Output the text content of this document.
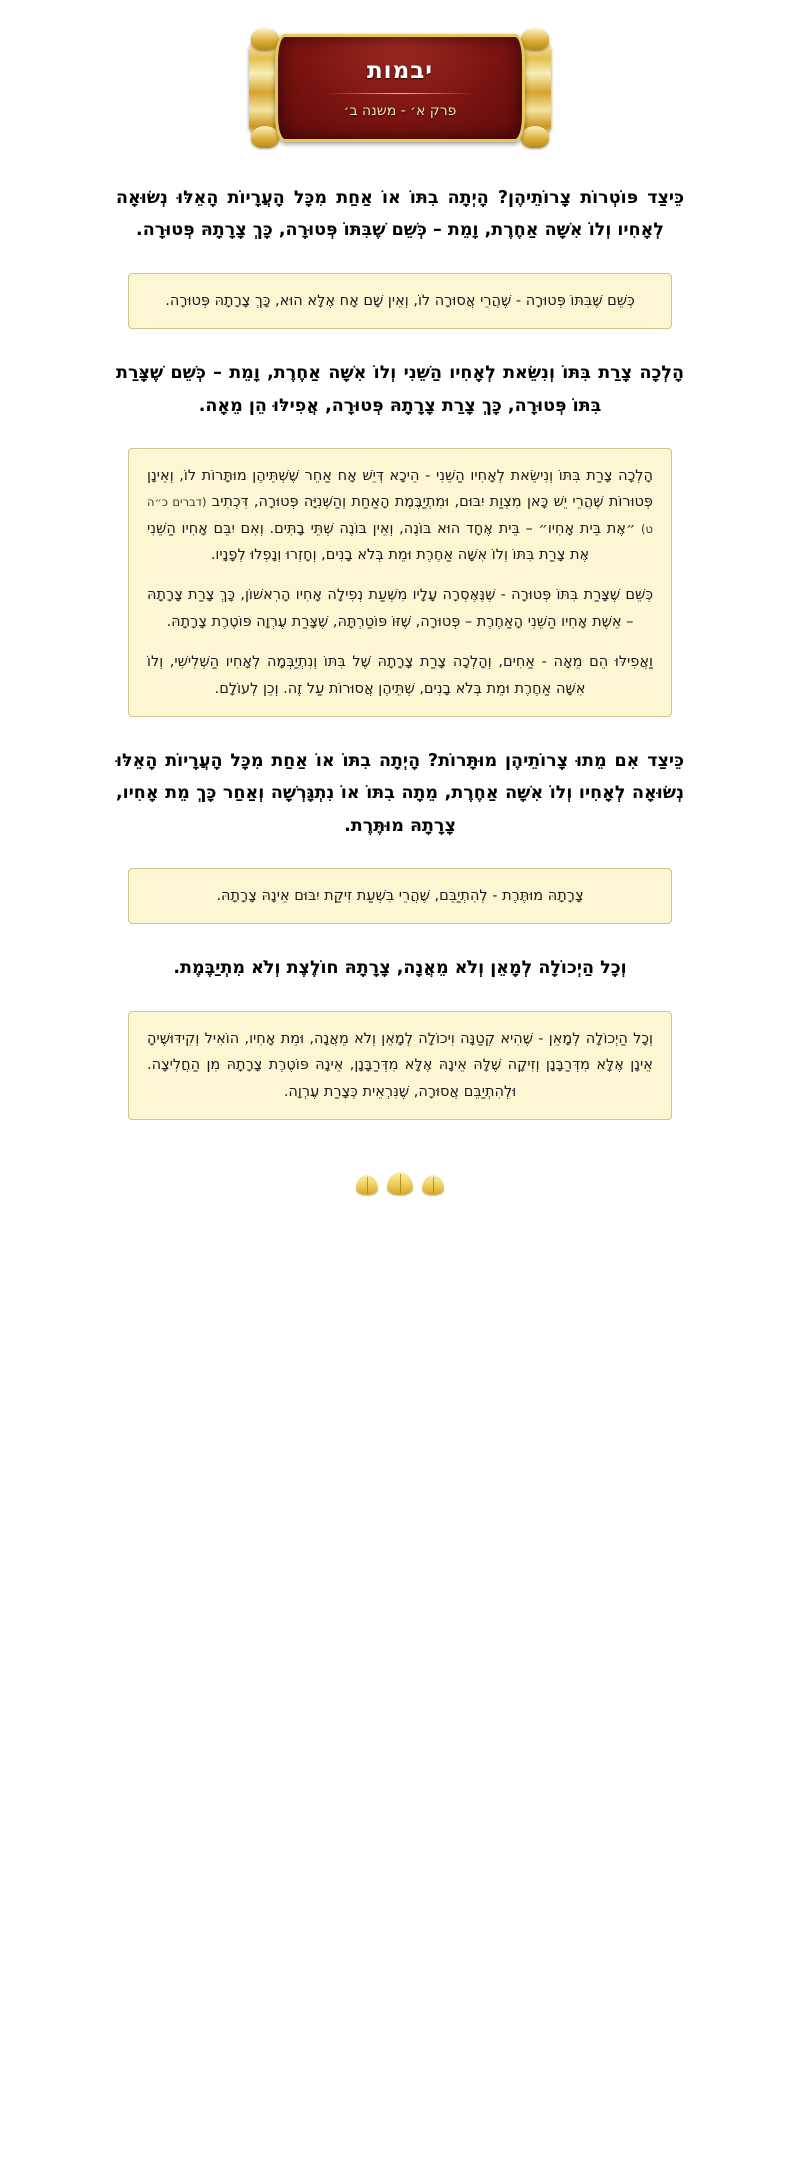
יבמות
פרק א׳ - משנה ב׳
כֵּיצַד פּוֹטְרוֹת צָרוֹתֵיהֶן? הָיְתָה בִתּוֹ אוֹ אַחַת מִכָּל הָעֲרָיוֹת הָאֵלּוּ נְשׂוּאָה לְאָחִיו וְלוֹ אִשָּׁה אַחֶרֶת, וָמֵת – כְּשֵׁם שֶׁבִּתּוֹ פְּטוּרָה, כָּךְ צָרָתָהּ פְּטוּרָה.

כְּשֵׁם שֶׁבִּתּוֹ פְּטוּרָה - שֶׁהֲרֵי אֲסוּרָה לוֹ, וְאֵין שָׁם אָח אֶלָּא הוּא, כָּךְ צָרָתָהּ פְּטוּרָה.

הָלְכָה צָרַת בִּתּוֹ וְנִשֵּׂאת לְאָחִיו הַשֵּׁנִי וְלוֹ אִשָּׁה אַחֶרֶת, וָמֵת – כְּשֵׁם שֶׁצָּרַת בִּתּוֹ פְּטוּרָה, כָּךְ צָרַת צָרָתָהּ פְּטוּרָה, אֲפִילּוּ הֵן מֵאָה.

הָלְכָה צָרַת בִּתּוֹ וְנִישֵּׂאת לְאָחִיו הַשֵּׁנִי - הֵיכָא דְּיֵשׁ אָח אַחֵר שֶׁשְּׁתֵּיהֶן מוּתָּרוֹת לוֹ, וְאֵינָן פְּטוּרוֹת שֶׁהֲרֵי יֵשׁ כָּאן מִצְוַת יִבּוּם, וּמִתְיַבֶּמֶת הָאַחַת וְהַשְּׁנִיָּה פְּטוּרָה, דִּכְתִיב (דברים כ״ה ט) ״אֶת בֵּית אָחִיו״ – בֵּית אֶחָד הוּא בּוֹנֶה, וְאֵין בּוֹנֶה שְׁתֵּי בָתִּים. וְאִם יִבֵּם אָחִיו הַשֵּׁנִי אֶת צָרַת בִּתּוֹ וְלוֹ אִשָּׁה אַחֶרֶת וּמֵת בְּלֹא בָנִים, וְחָזְרוּ וְנָפְלוּ לְפָנָיו.

כְּשֵׁם שֶׁצָּרַת בִּתּוֹ פְּטוּרָה - שֶׁנֶּאֶסְרָה עָלָיו מִשְּׁעַת נְפִילָה אָחִיו הָרִאשׁוֹן, כָּךְ צָרַת צָרָתָהּ – אֵשֶׁת אָחִיו הַשֵּׁנִי הָאַחֶרֶת – פְּטוּרָה, שֶׁזּוֹ פּוֹטַרְתָּהּ, שֶׁצָּרַת עֶרְוָה פּוֹטֶרֶת צָרָתָהּ.

וַאֲפִילּוּ הֵם מֵאָה - אַחִים, וְהָלְכָה צָרַת צָרָתָהּ שֶׁל בִּתּוֹ וְנִתְיַבְּמָה לְאָחִיו הַשְּׁלִישִׁי, וְלוֹ אִשָּׁה אַחֶרֶת וּמֵת בְּלֹא בָנִים, שְׁתֵּיהֶן אֲסוּרוֹת עַל זֶה. וְכֵן לְעוֹלָם.

כֵּיצַד אִם מֵתוּ צָרוֹתֵיהֶן מוּתָּרוֹת? הָיְתָה בִתּוֹ אוֹ אַחַת מִכָּל הָעֲרָיוֹת הָאֵלּוּ נְשׂוּאָה לְאָחִיו וְלוֹ אִשָּׁה אַחֶרֶת, מֵתָה בִתּוֹ אוֹ נִתְגָּרְשָׁה וְאַחַר כָּךְ מֵת אָחִיו, צָרָתָהּ מוּתֶּרֶת.

צָרָתָהּ מוּתֶּרֶת - לְהִתְיַבֵּם, שֶׁהֲרֵי בִּשְׁעַת זִיקַת יִבּוּם אֵינָהּ צָרָתָהּ.

וְכָל הַיְכוֹלָה לְמָאֵן וְלֹא מֵאֲנָה, צָרָתָהּ חוֹלֶצֶת וְלֹא מִתְיַבֶּמֶת.

וְכָל הַיְכוֹלָה לְמָאֵן - שֶׁהִיא קְטַנָּה וִיכוֹלָה לְמָאֵן וְלֹא מֵאֲנָה, וּמֵת אָחִיו, הוֹאִיל וְקִידּוּשֶׁיהָ אֵינָן אֶלָּא מִדְּרַבָּנָן וְזִיקָה שֶׁלָּהּ אֵינָהּ אֶלָּא מִדְּרַבָּנָן, אֵינָהּ פּוֹטֶרֶת צָרָתָהּ מִן הַחֲלִיצָה. וּלְהִתְיַבֵּם אֲסוּרָה, שֶׁנִּרְאֵית כְּצָרַת עֶרְוָה.
